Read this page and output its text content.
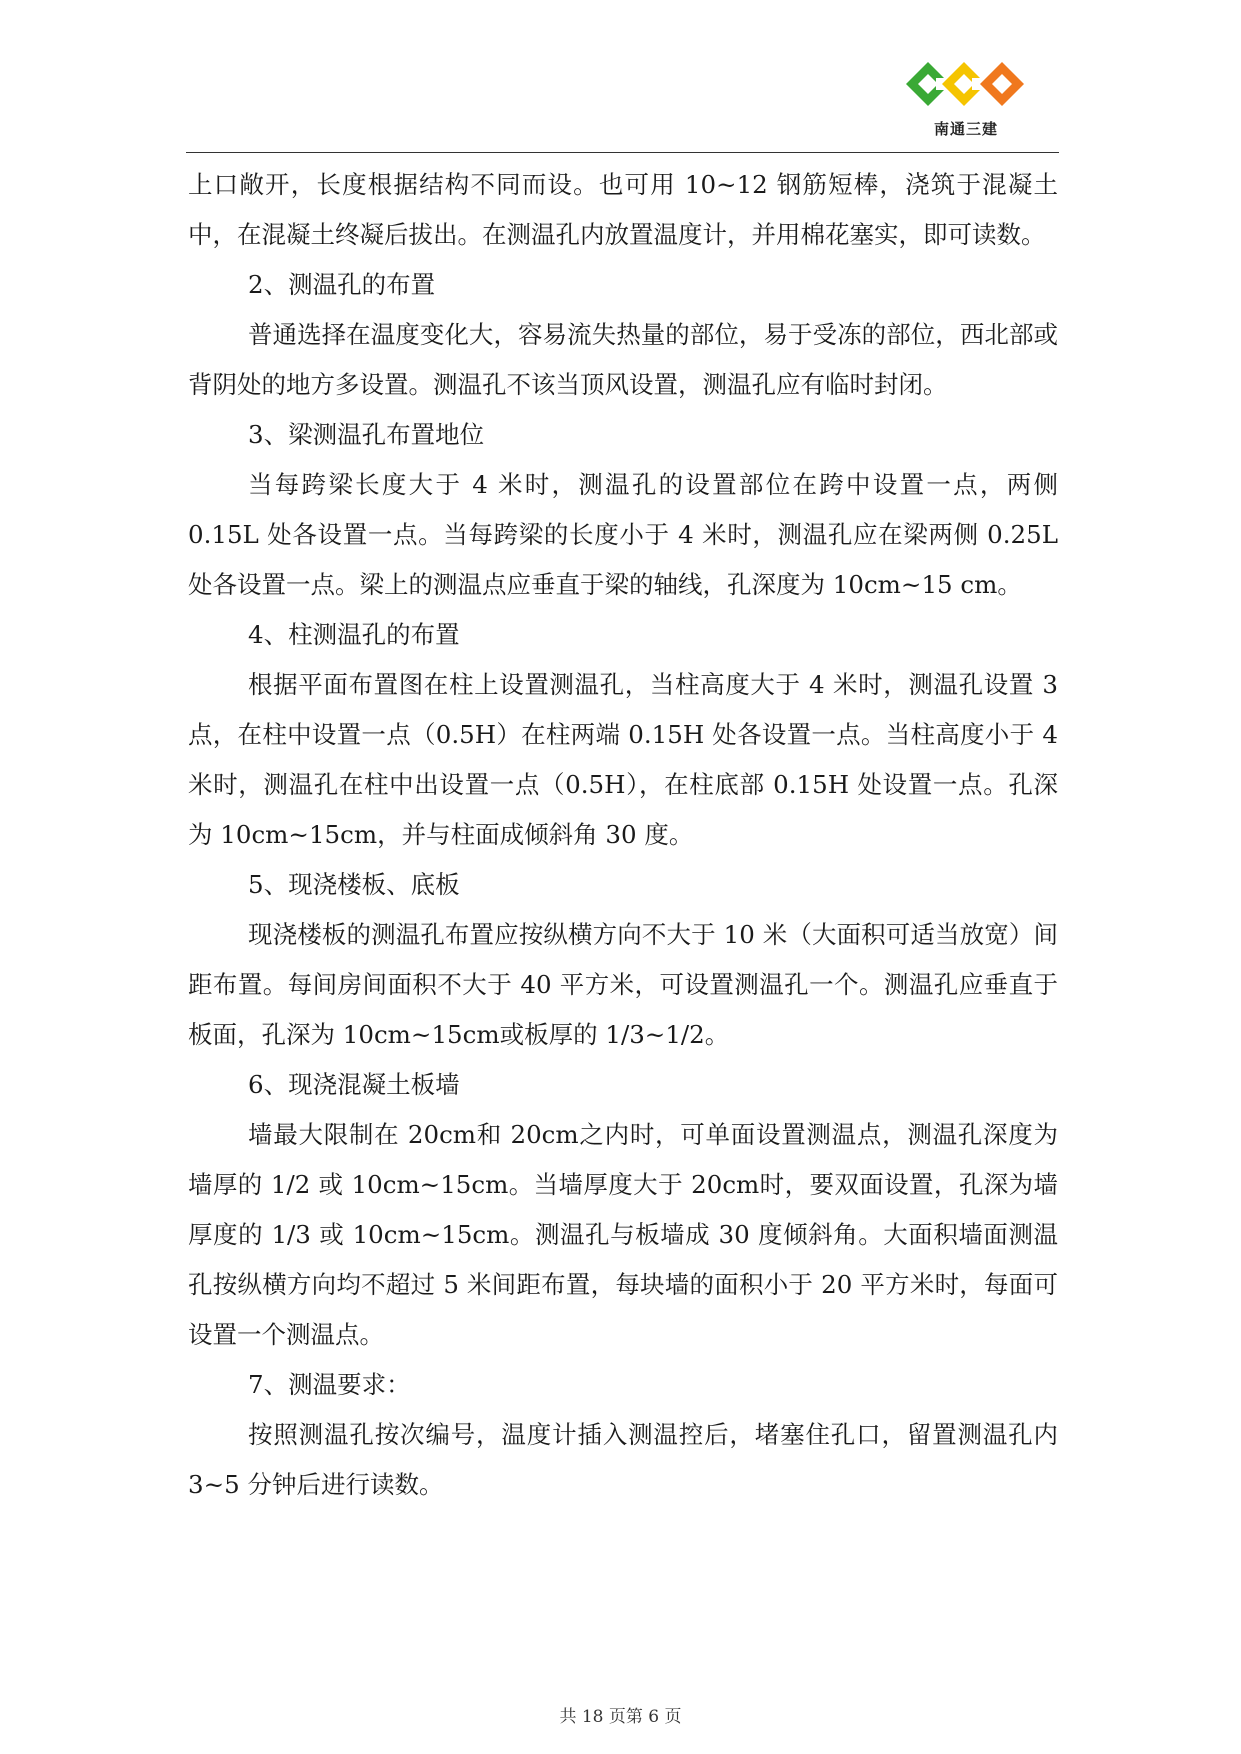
南通三建

上口敞开，长度根据结构不同而设。也可用 10~12 钢筋短棒，浇筑于混凝土中，在混凝土终凝后拔出。在测温孔内放置温度计，并用棉花塞实，即可读数。

2、测温孔的布置

普通选择在温度变化大，容易流失热量的部位，易于受冻的部位，西北部或背阴处的地方多设置。测温孔不该当顶风设置，测温孔应有临时封闭。

3、梁测温孔布置地位

当每跨梁长度大于 4 米时，测温孔的设置部位在跨中设置一点，两侧 0.15L 处各设置一点。当每跨梁的长度小于 4 米时，测温孔应在梁两侧 0.25L 处各设置一点。梁上的测温点应垂直于梁的轴线，孔深度为 10cm~15 cm。

4、柱测温孔的布置

根据平面布置图在柱上设置测温孔，当柱高度大于 4 米时，测温孔设置 3 点，在柱中设置一点（0.5H）在柱两端 0.15H 处各设置一点。当柱高度小于 4 米时，测温孔在柱中出设置一点（0.5H），在柱底部 0.15H 处设置一点。孔深为 10cm~15cm，并与柱面成倾斜角 30 度。

5、现浇楼板、底板

现浇楼板的测温孔布置应按纵横方向不大于 10 米（大面积可适当放宽）间距布置。每间房间面积不大于 40 平方米，可设置测温孔一个。测温孔应垂直于板面，孔深为 10cm~15cm或板厚的 1/3~1/2。

6、现浇混凝土板墙

墙最大限制在 20cm和 20cm之内时，可单面设置测温点，测温孔深度为墙厚的 1/2 或 10cm~15cm。当墙厚度大于 20cm时，要双面设置，孔深为墙厚度的 1/3 或 10cm~15cm。测温孔与板墙成 30 度倾斜角。大面积墙面测温孔按纵横方向均不超过 5 米间距布置，每块墙的面积小于 20 平方米时，每面可设置一个测温点。

7、测温要求：

按照测温孔按次编号，温度计插入测温控后，堵塞住孔口，留置测温孔内 3~5 分钟后进行读数。

共 18 页第 6 页
